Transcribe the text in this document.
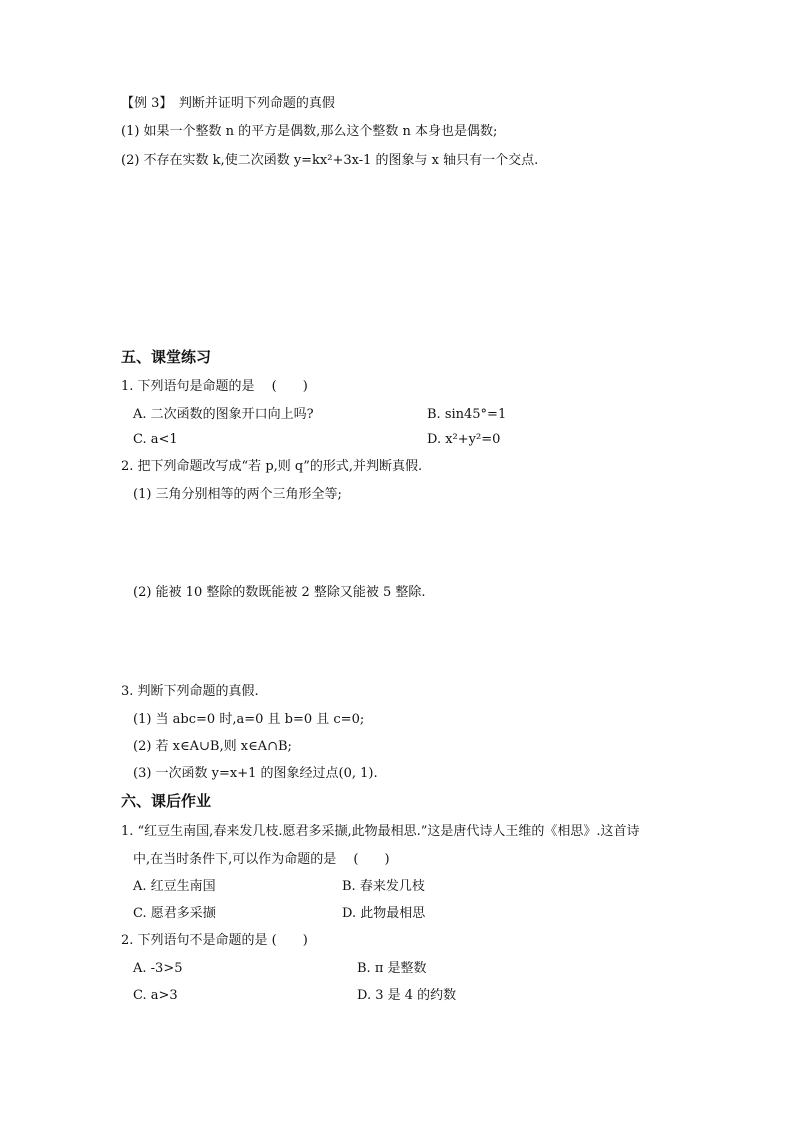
【例 3】　判断并证明下列命题的真假
(1) 如果一个整数 n 的平方是偶数,那么这个整数 n 本身也是偶数;
(2) 不存在实数 k,使二次函数 y=kx²+3x-1 的图象与 x 轴只有一个交点.
五、课堂练习
1. 下列语句是命题的是　 (　　)
A. 二次函数的图象开口向上吗?	B. sin45°=1
C. a<1	D. x²+y²=0
2. 把下列命题改写成“若 p,则 q”的形式,并判断真假.
(1) 三角分别相等的两个三角形全等;
(2) 能被 10 整除的数既能被 2 整除又能被 5 整除.
3. 判断下列命题的真假.
(1) 当 abc=0 时,a=0 且 b=0 且 c=0;
(2) 若 x∈A∪B,则 x∈A∩B;
(3) 一次函数 y=x+1 的图象经过点(0, 1).
六、课后作业
1. “红豆生南国,春来发几枝.愿君多采撷,此物最相思.”这是唐代诗人王维的《相思》.这首诗
中,在当时条件下,可以作为命题的是　 (　　)
A. 红豆生南国	B. 春来发几枝
C. 愿君多采撷	D. 此物最相思
2. 下列语句不是命题的是 (　　)
A. -3>5	B. π 是整数
C. a>3	D. 3 是 4 的约数
